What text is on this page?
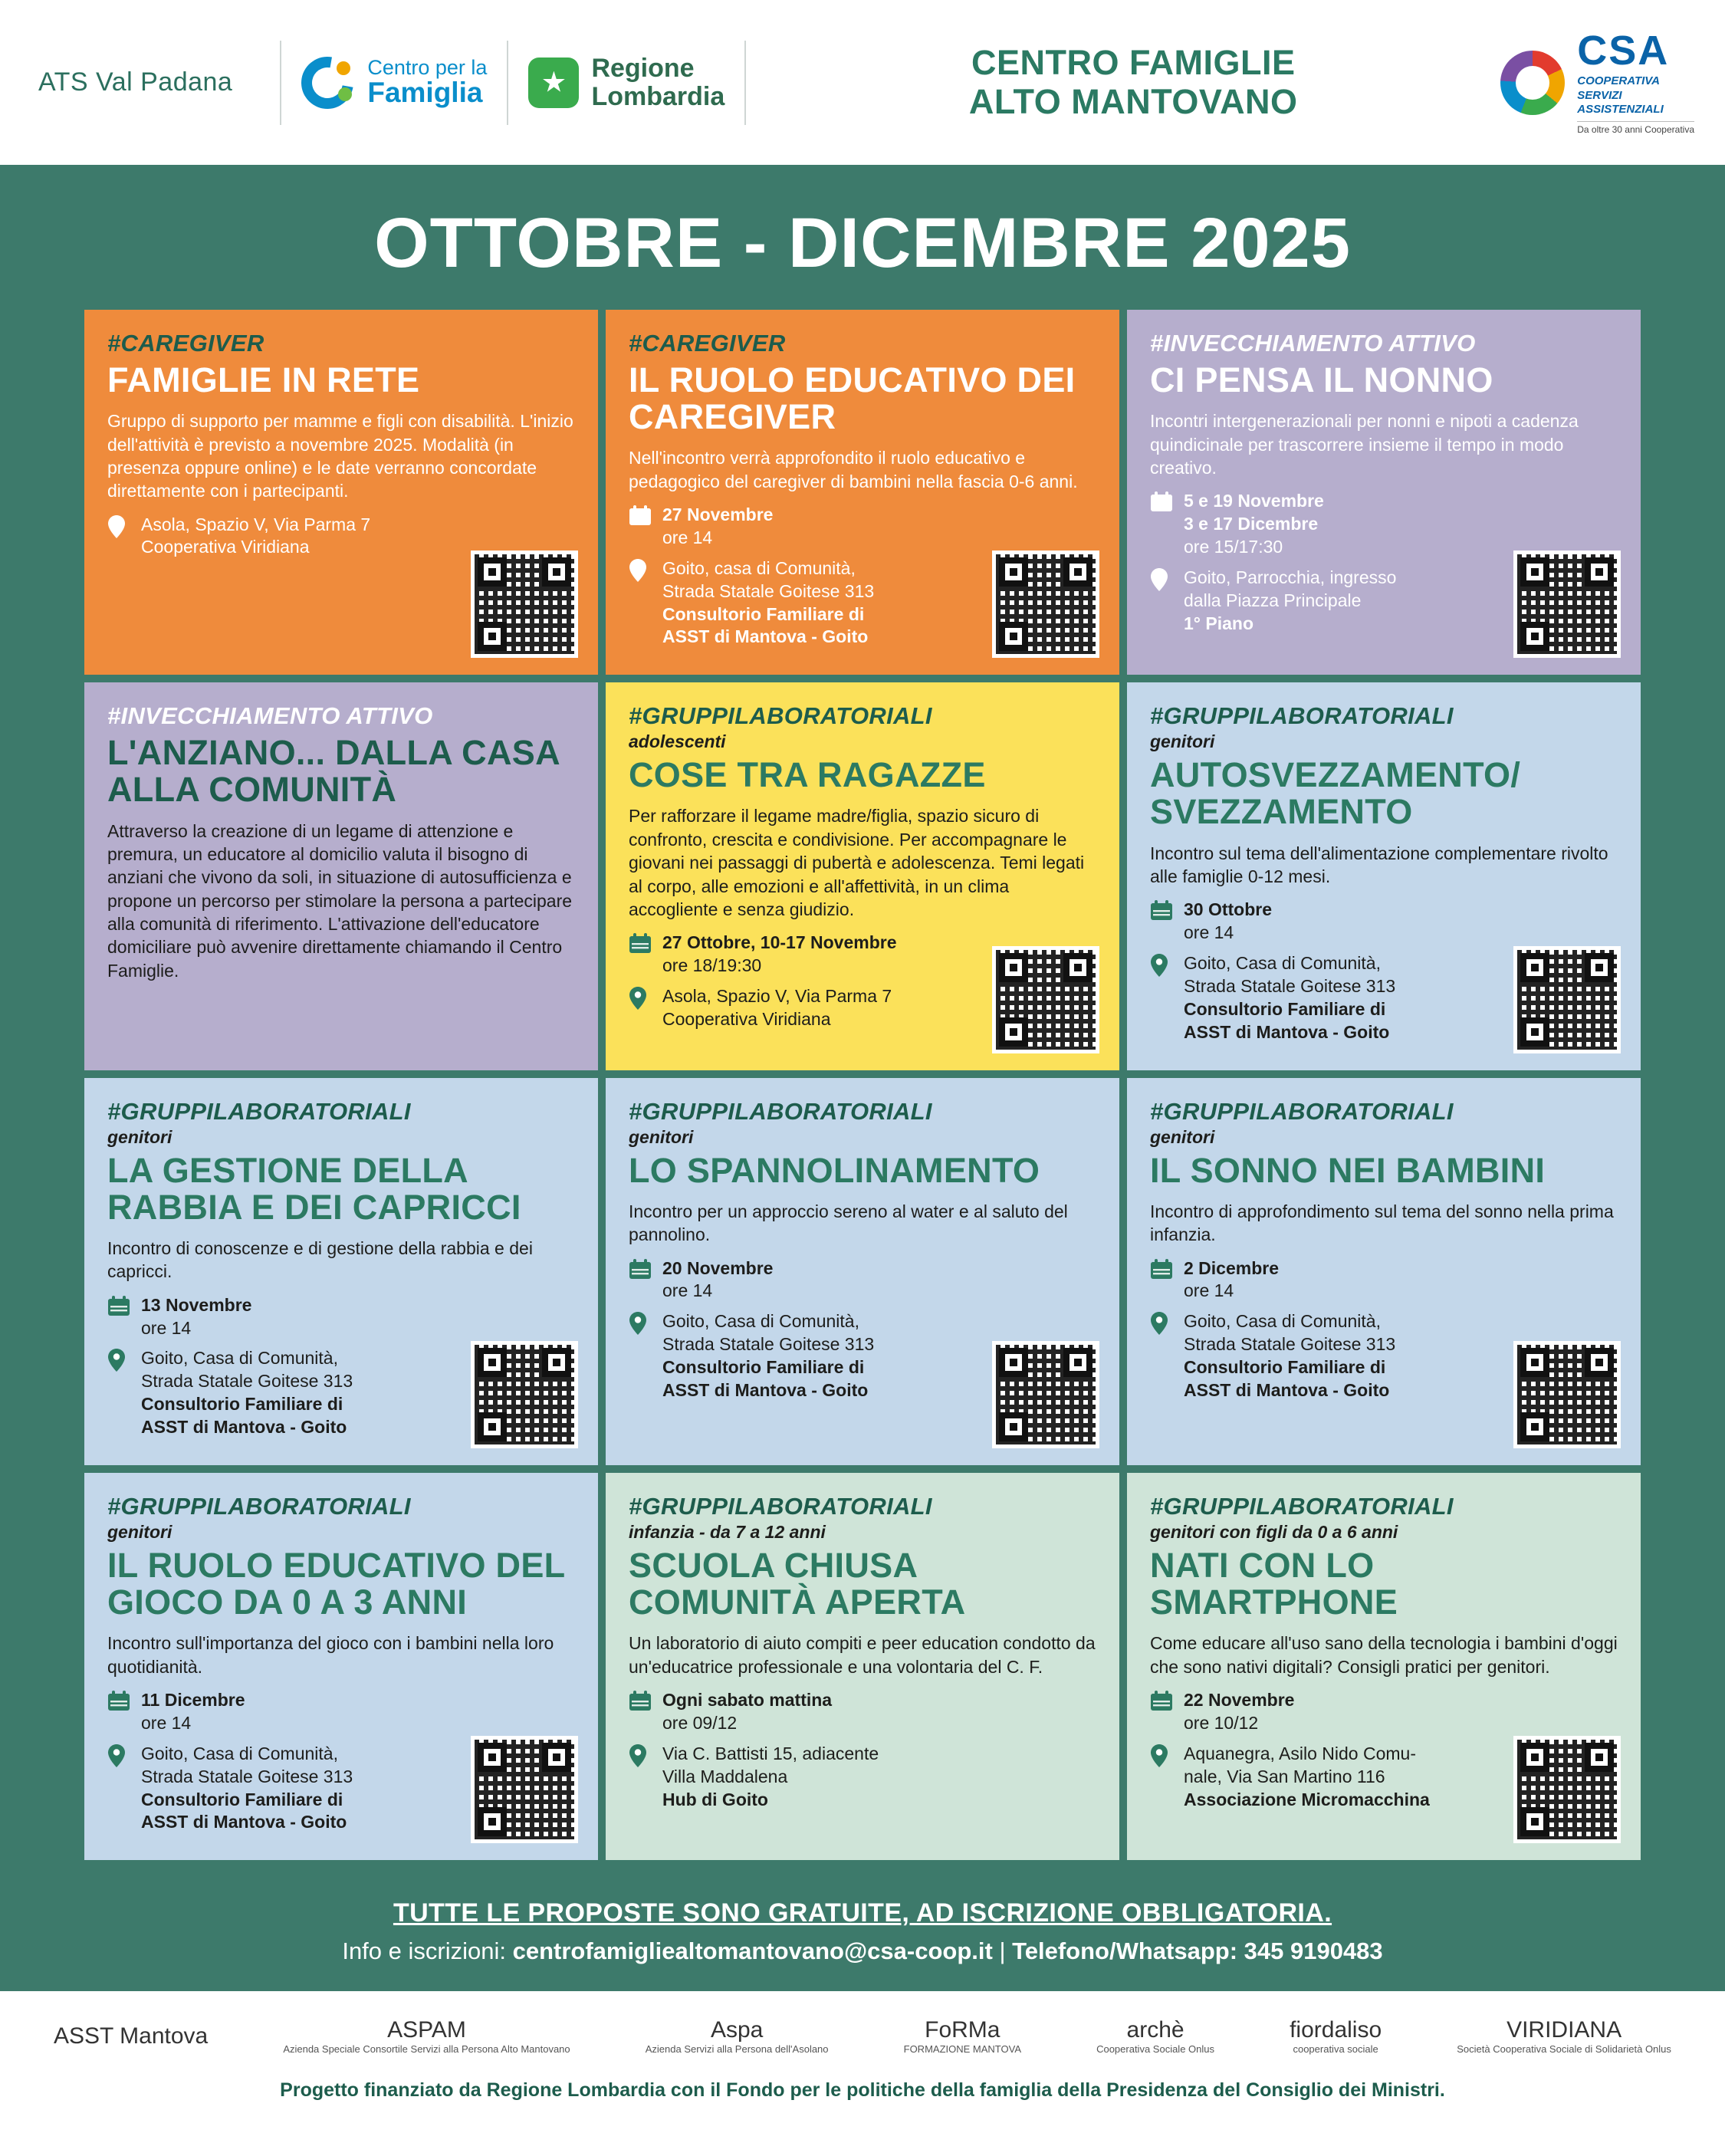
ATS Val Padana
Centro per la
Famiglia
Regione
Lombardia
CENTRO FAMIGLIE
ALTO MANTOVANO
CSA
COOPERATIVA
SERVIZI
ASSISTENZIALI
Da oltre 30 anni Cooperativa
OTTOBRE - DICEMBRE 2025
#CAREGIVER
FAMIGLIE IN RETE
Gruppo di supporto per mamme e figli con disabilità. L'inizio dell'attività è previsto a novembre 2025. Modalità (in presenza oppure online) e le date verranno concordate direttamente con i partecipanti.
Asola, Spazio V, Via Parma 7
Cooperativa Viridiana
#CAREGIVER
IL RUOLO EDUCATIVO DEI CAREGIVER
Nell'incontro verrà approfondito il ruolo educativo e pedagogico del caregiver di bambini nella fascia 0-6 anni.
27 Novembre
ore 14
Goito, casa di Comunità,
Strada Statale Goitese 313
Consultorio Familiare di
ASST di Mantova - Goito
#INVECCHIAMENTO ATTIVO
CI PENSA IL NONNO
Incontri intergenerazionali per nonni e nipoti a cadenza quindicinale per trascorrere insieme il tempo in modo creativo.
5 e 19 Novembre
3 e 17 Dicembre
ore 15/17:30
Goito, Parrocchia, ingresso
dalla Piazza Principale
1° Piano
#INVECCHIAMENTO ATTIVO
L'ANZIANO... DALLA CASA ALLA COMUNITÀ
Attraverso la creazione di un legame di attenzione e premura, un educatore al domicilio valuta il bisogno di anziani che vivono da soli, in situazione di autosufficienza e propone un percorso per stimolare la persona a partecipare alla comunità di riferimento. L'attivazione dell'educatore domiciliare può avvenire direttamente chiamando il Centro Famiglie.
#GRUPPILABORATORIALI
adolescenti
COSE TRA RAGAZZE
Per rafforzare il legame madre/figlia, spazio sicuro di confronto, crescita e condivisione. Per accompagnare le giovani nei passaggi di pubertà e adolescenza. Temi legati al corpo, alle emozioni e all'affettività, in un clima accogliente e senza giudizio.
27 Ottobre, 10-17 Novembre
ore 18/19:30
Asola, Spazio V, Via Parma 7
Cooperativa Viridiana
#GRUPPILABORATORIALI
genitori
AUTOSVEZZAMENTO/ SVEZZAMENTO
Incontro sul tema dell'alimentazione complementare rivolto alle famiglie 0-12 mesi.
30 Ottobre
ore 14
Goito, Casa di Comunità,
Strada Statale Goitese 313
Consultorio Familiare di
ASST di Mantova - Goito
#GRUPPILABORATORIALI
genitori
LA GESTIONE DELLA RABBIA E DEI CAPRICCI
Incontro di conoscenze e di gestione della rabbia e dei capricci.
13 Novembre
ore 14
Goito, Casa di Comunità,
Strada Statale Goitese 313
Consultorio Familiare di
ASST di Mantova - Goito
#GRUPPILABORATORIALI
genitori
LO SPANNOLINAMENTO
Incontro per un approccio sereno al water e al saluto del pannolino.
20 Novembre
ore 14
Goito, Casa di Comunità,
Strada Statale Goitese 313
Consultorio Familiare di
ASST di Mantova - Goito
#GRUPPILABORATORIALI
genitori
IL SONNO NEI BAMBINI
Incontro di approfondimento sul tema del sonno nella prima infanzia.
2 Dicembre
ore 14
Goito, Casa di Comunità,
Strada Statale Goitese 313
Consultorio Familiare di
ASST di Mantova - Goito
#GRUPPILABORATORIALI
genitori
IL RUOLO EDUCATIVO DEL GIOCO DA 0 A 3 ANNI
Incontro sull'importanza del gioco con i bambini nella loro quotidianità.
11 Dicembre
ore 14
Goito, Casa di Comunità,
Strada Statale Goitese 313
Consultorio Familiare di
ASST di Mantova - Goito
#GRUPPILABORATORIALI
infanzia - da 7 a 12 anni
SCUOLA CHIUSA COMUNITÀ APERTA
Un laboratorio di aiuto compiti e peer education condotto da un'educatrice professionale e una volontaria del C. F.
Ogni sabato mattina
ore 09/12
Via C. Battisti 15, adiacente
Villa Maddalena
Hub di Goito
#GRUPPILABORATORIALI
genitori con figli da 0 a 6 anni
NATI CON LO SMARTPHONE
Come educare all'uso sano della tecnologia i bambini d'oggi che sono nativi digitali? Consigli pratici per genitori.
22 Novembre
ore 10/12
Aquanegra, Asilo Nido Comu-
nale, Via San Martino 116
Associazione Micromacchina
TUTTE LE PROPOSTE SONO GRATUITE, AD ISCRIZIONE OBBLIGATORIA.
Info e iscrizioni: centrofamigliealtomantovano@csa-coop.it | Telefono/Whatsapp: 345 9190483
ASST Mantova	ASPAM
Azienda Speciale Consortile Servizi alla Persona Alto Mantovano
Aspa
Azienda Servizi alla Persona dell'Asolano
FoRMa
FORMAZIONE MANTOVA
archè
Cooperativa Sociale Onlus
fiordaliso
cooperativa sociale
VIRIDIANA
Società Cooperativa Sociale di Solidarietà Onlus
Progetto finanziato da Regione Lombardia con il Fondo per le politiche della famiglia della Presidenza del Consiglio dei Ministri.
